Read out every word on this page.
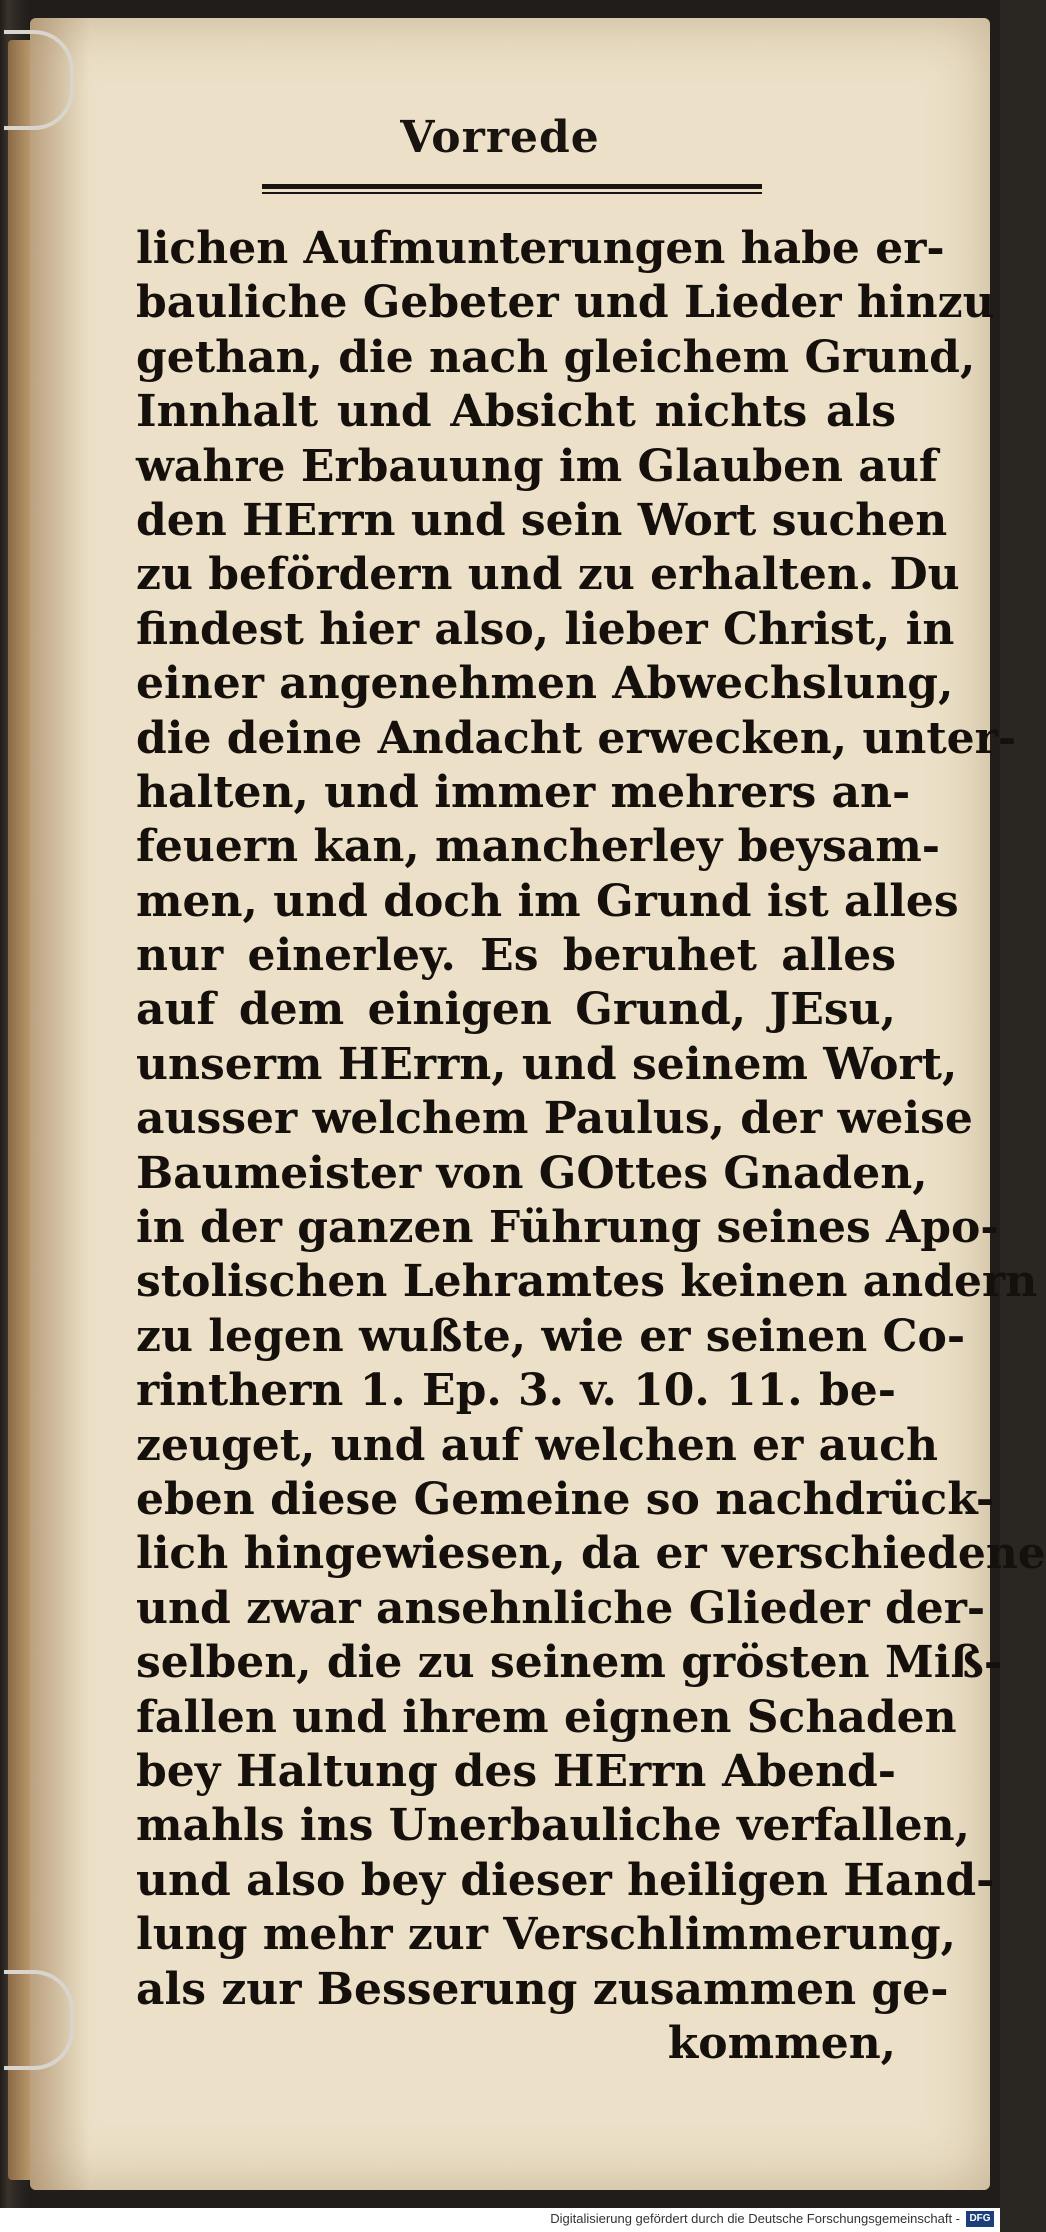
Vorrede
lichen Aufmunterungen habe er-
bauliche Gebeter und Lieder hinzu
gethan, die nach gleichem Grund,
Innhalt und Absicht nichts als
wahre Erbauung im Glauben auf
den HErrn und sein Wort suchen
zu befördern und zu erhalten. Du
findest hier also, lieber Christ, in
einer angenehmen Abwechslung,
die deine Andacht erwecken, unter-
halten, und immer mehrers an-
feuern kan, mancherley beysam-
men, und doch im Grund ist alles
nur einerley. Es beruhet alles
auf dem einigen Grund, JEsu,
unserm HErrn, und seinem Wort,
ausser welchem Paulus, der weise
Baumeister von GOttes Gnaden,
in der ganzen Führung seines Apo-
stolischen Lehramtes keinen andern
zu legen wußte, wie er seinen Co-
rinthern 1. Ep. 3. v. 10. 11. be-
zeuget, und auf welchen er auch
eben diese Gemeine so nachdrück-
lich hingewiesen, da er verschiedene
und zwar ansehnliche Glieder der-
selben, die zu seinem grösten Miß-
fallen und ihrem eignen Schaden
bey Haltung des HErrn Abend-
mahls ins Unerbauliche verfallen,
und also bey dieser heiligen Hand-
lung mehr zur Verschlimmerung,
als zur Besserung zusammen ge-
kommen,
Digitalisierung gefördert durch die Deutsche Forschungsgemeinschaft - DFG
